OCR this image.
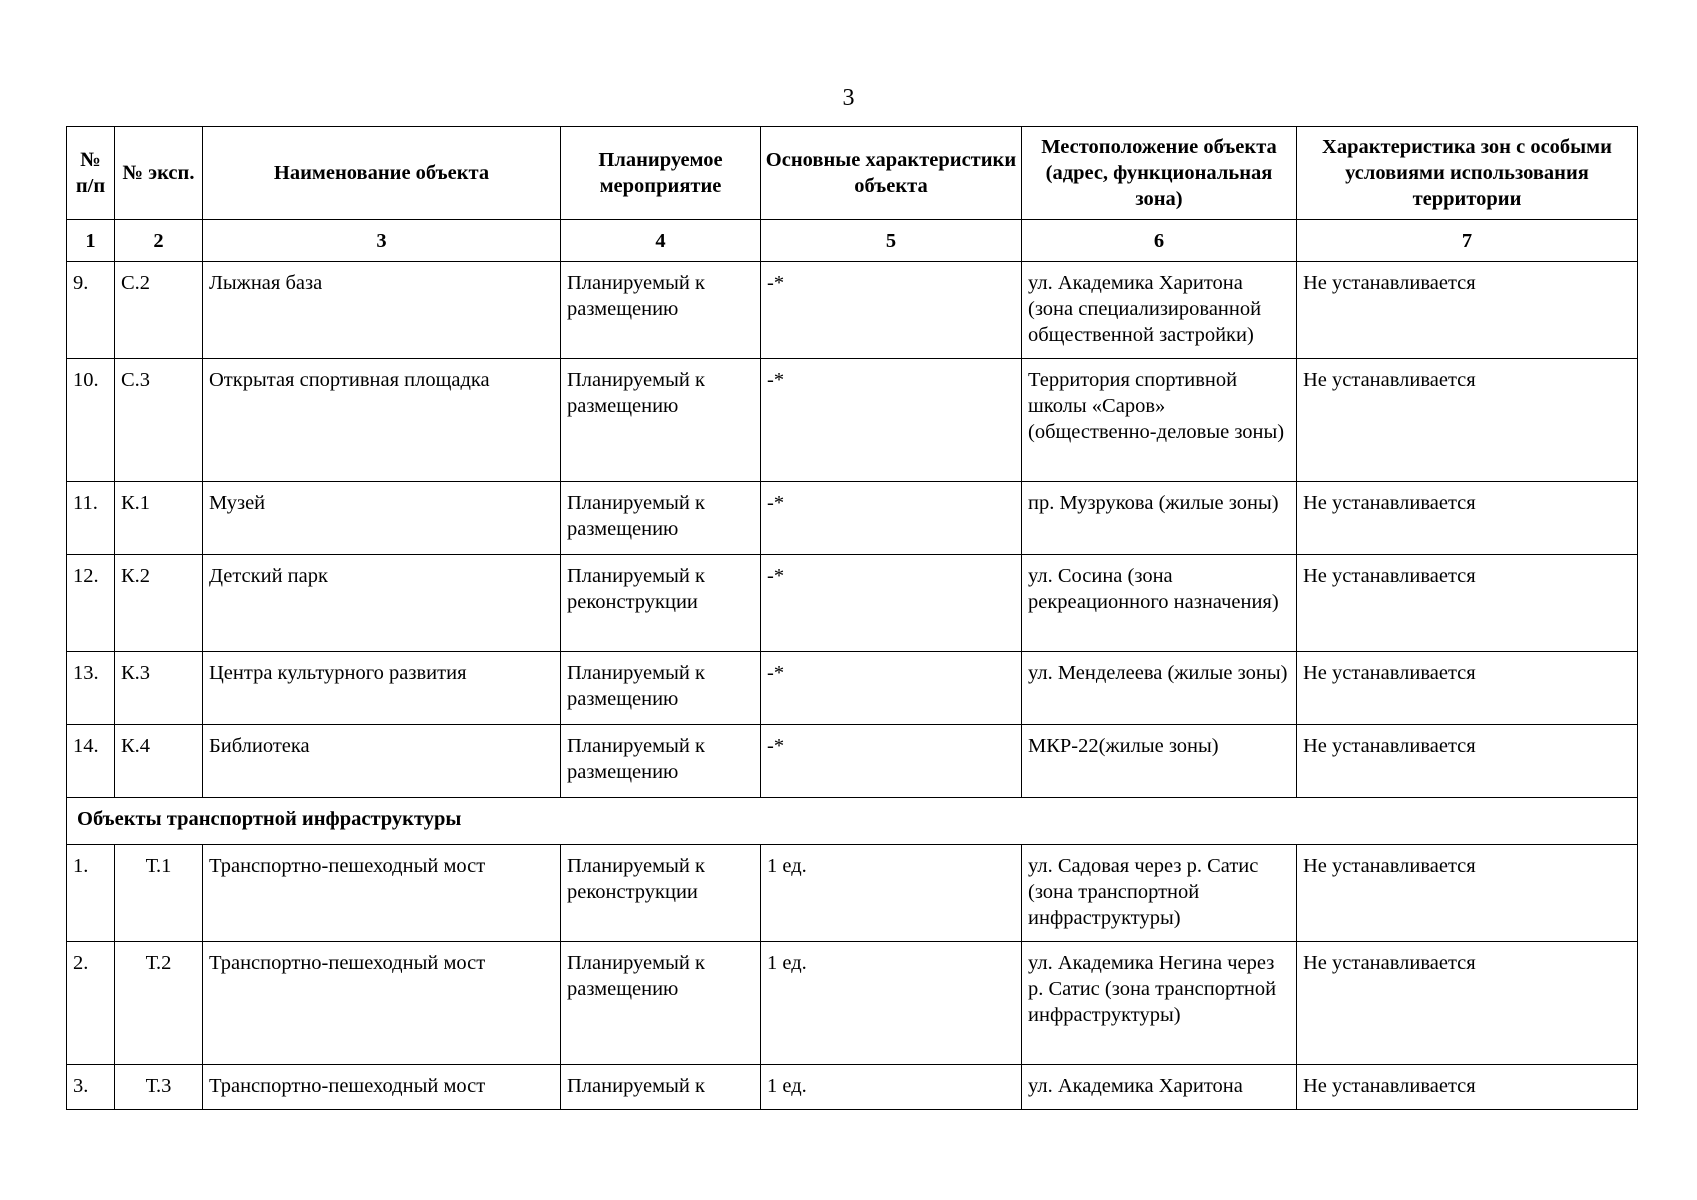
3
№ п/п	№ эксп.	Наименование объекта	Планируемое мероприятие	Основные характеристики объекта	Местоположение объекта (адрес, функциональная зона)	Характеристика зон с особыми условиями использования территории
1	2	3	4	5	6	7
9.	С.2	Лыжная база	Планируемый к размещению	-*	ул. Академика Харитона (зона специализированной общественной застройки)	Не устанавливается
10.	С.3	Открытая спортивная площадка	Планируемый к размещению	-*	Территория спортивной школы «Саров» (общественно-деловые зоны)	Не устанавливается
11.	К.1	Музей	Планируемый к размещению	-*	пр. Музрукова (жилые зоны)	Не устанавливается
12.	К.2	Детский парк	Планируемый к реконструкции	-*	ул. Сосина (зона рекреационного назначения)	Не устанавливается
13.	К.3	Центра культурного развития	Планируемый к размещению	-*	ул. Менделеева (жилые зоны)	Не устанавливается
14.	К.4	Библиотека	Планируемый к размещению	-*	МКР-22(жилые зоны)	Не устанавливается
Объекты транспортной инфраструктуры						
1.	Т.1	Транспортно-пешеходный мост	Планируемый к реконструкции	1 ед.	ул. Садовая через р. Сатис (зона транспортной инфраструктуры)	Не устанавливается
2.	Т.2	Транспортно-пешеходный мост	Планируемый к размещению	1 ед.	ул. Академика Негина через р. Сатис (зона транспортной инфраструктуры)	Не устанавливается
3.	Т.3	Транспортно-пешеходный мост	Планируемый к	1 ед.	ул. Академика Харитона	Не устанавливается
